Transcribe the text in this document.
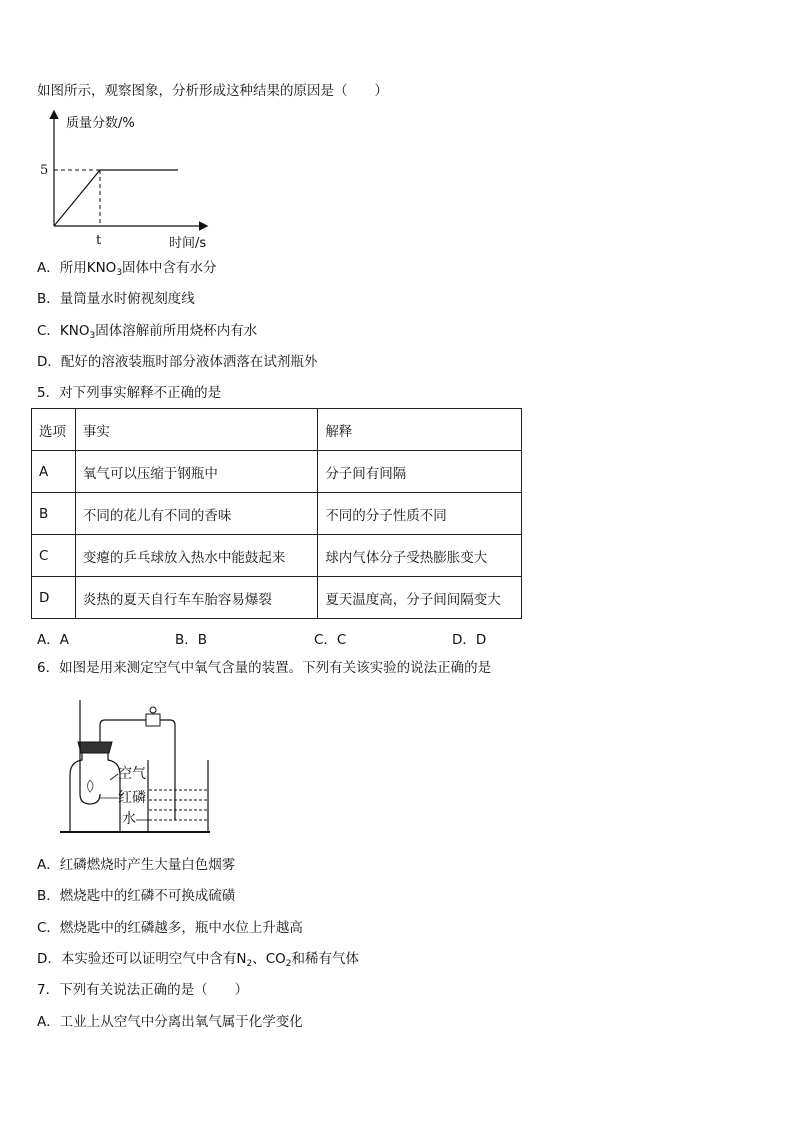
如图所示，观察图象，分析形成这种结果的原因是（　　）
质量分数/%
5
t	时间/s
A．所用$KNO_3$固体中含有水分
B．量筒量水时俯视刻度线
C．$KNO_3$固体溶解前所用烧杯内有水
D．配好的溶液装瓶时部分液体洒落在试剂瓶外
5．对下列事实解释不正确的是
选项	事实	解释
A	氧气可以压缩于钢瓶中	分子间有间隔
B	不同的花儿有不同的香味	不同的分子性质不同
C	变瘪的乒乓球放入热水中能鼓起来	球内气体分子受热膨胀变大
D	炎热的夏天自行车车胎容易爆裂	夏天温度高，分子间间隔变大
A．A	B．B	C．C	D．D
6．如图是用来测定空气中氧气含量的装置。下列有关该实验的说法正确的是
空气
红磷
水
A．红磷燃烧时产生大量白色烟雾
B．燃烧匙中的红磷不可换成硫磺
C．燃烧匙中的红磷越多，瓶中水位上升越高
D．本实验还可以证明空气中含有$N_2$、$CO_2$和稀有气体
7．下列有关说法正确的是（　　）
A．工业上从空气中分离出氧气属于化学变化
